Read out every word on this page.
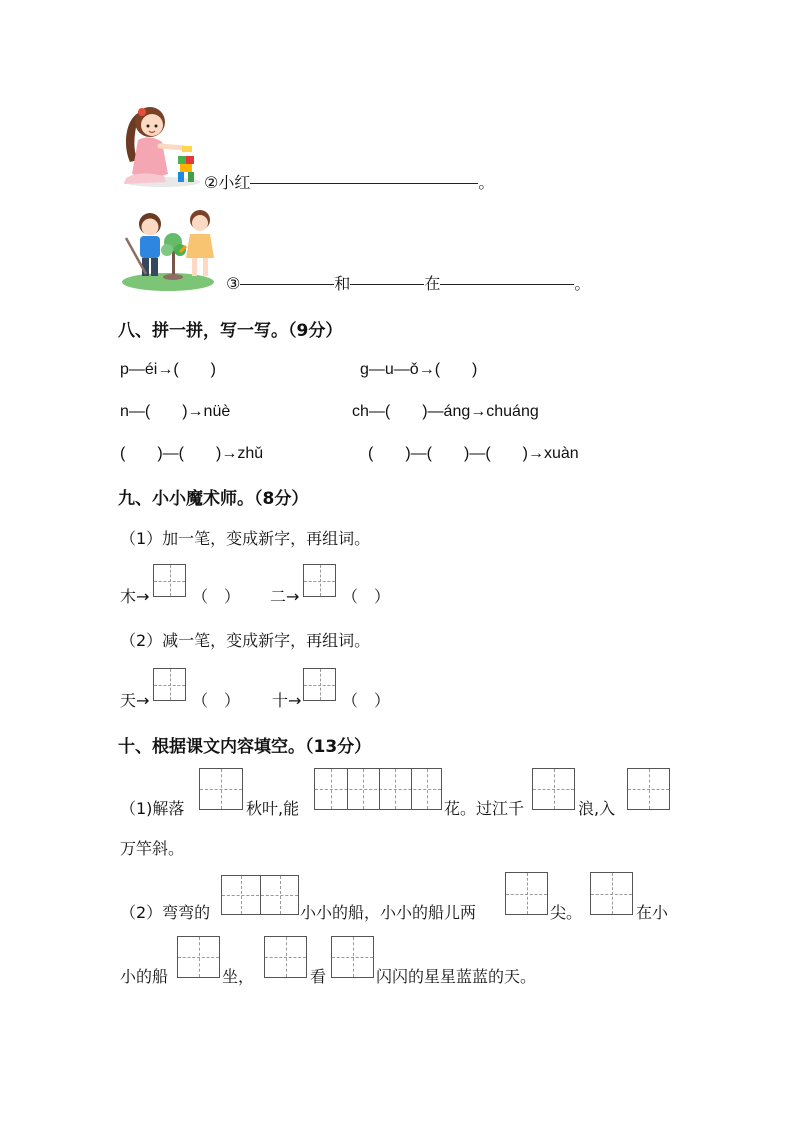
②小红	。
③	和	在	。
八、拼一拼，写一写。（9分）
p—éi→(　　)	g—u—ǒ→(　　)
n—(　　)→nüè	ch—(　　)—áng→chuáng
(　　)—(　　)→zhǔ	(　　)—(　　)—(　　)→xuàn
九、小小魔术师。（8分）
（1）加一笔，变成新字，再组词。
木→	（　） 二→	（　）
（2）减一笔，变成新字，再组词。
天→	（　） 十→	（　）
十、根据课文内容填空。（13分）
（1)解落	秋叶,能	花。过江千	浪,入
万竿斜。
（2）弯弯的	小小的船，小小的船儿两	尖。	在小
小的船	坐，	看	闪闪的星星蓝蓝的天。
